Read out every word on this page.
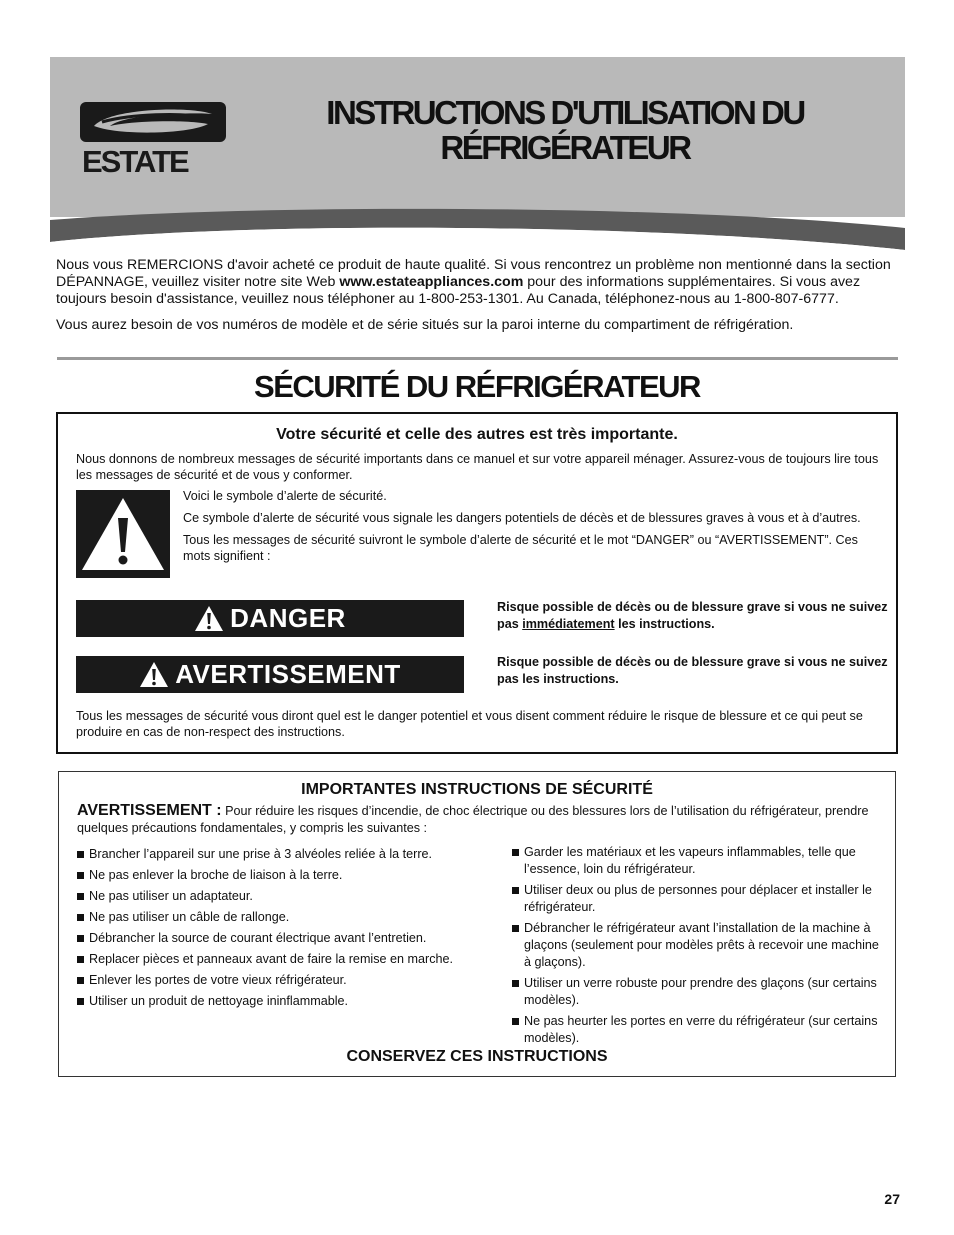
ESTATE
INSTRUCTIONS D'UTILISATION DU
RÉFRIGÉRATEUR

Nous vous REMERCIONS d'avoir acheté ce produit de haute qualité. Si vous rencontrez un problème non mentionné dans la section DÉPANNAGE, veuillez visiter notre site Web www.estateappliances.com pour des informations supplémentaires. Si vous avez toujours besoin d'assistance, veuillez nous téléphoner au 1-800-253-1301. Au Canada, téléphonez-nous au 1-800-807-6777.

Vous aurez besoin de vos numéros de modèle et de série situés sur la paroi interne du compartiment de réfrigération.

SÉCURITÉ DU RÉFRIGÉRATEUR
Votre sécurité et celle des autres est très importante.
Nous donnons de nombreux messages de sécurité importants dans ce manuel et sur votre appareil ménager. Assurez-vous de toujours lire tous les messages de sécurité et de vous y conformer.

Voici le symbole d’alerte de sécurité.

Ce symbole d’alerte de sécurité vous signale les dangers potentiels de décès et de blessures graves à vous et à d’autres.

Tous les messages de sécurité suivront le symbole d’alerte de sécurité et le mot “DANGER” ou “AVERTISSEMENT”. Ces mots signifient :

DANGER	Risque possible de décès ou de blessure grave si vous ne suivez pas immédiatement les instructions.
AVERTISSEMENT	Risque possible de décès ou de blessure grave si vous ne suivez pas les instructions.
Tous les messages de sécurité vous diront quel est le danger potentiel et vous disent comment réduire le risque de blessure et ce qui peut se produire en cas de non-respect des instructions.
IMPORTANTES INSTRUCTIONS DE SÉCURITÉ
AVERTISSEMENT : Pour réduire les risques d’incendie, de choc électrique ou des blessures lors de l’utilisation du réfrigérateur, prendre quelques précautions fondamentales, y compris les suivantes :
Brancher l’appareil sur une prise à 3 alvéoles reliée à la terre.
Ne pas enlever la broche de liaison à la terre.
Ne pas utiliser un adaptateur.
Ne pas utiliser un câble de rallonge.
Débrancher la source de courant électrique avant l’entretien.
Replacer pièces et panneaux avant de faire la remise en marche.
Enlever les portes de votre vieux réfrigérateur.
Utiliser un produit de nettoyage ininflammable.
Garder les matériaux et les vapeurs inflammables, telle que l’essence, loin du réfrigérateur.
Utiliser deux ou plus de personnes pour déplacer et installer le réfrigérateur.
Débrancher le réfrigérateur avant l’installation de la machine à glaçons (seulement pour modèles prêts à recevoir une machine à glaçons).
Utiliser un verre robuste pour prendre des glaçons (sur certains modèles).
Ne pas heurter les portes en verre du réfrigérateur (sur certains modèles).
CONSERVEZ CES INSTRUCTIONS
27
